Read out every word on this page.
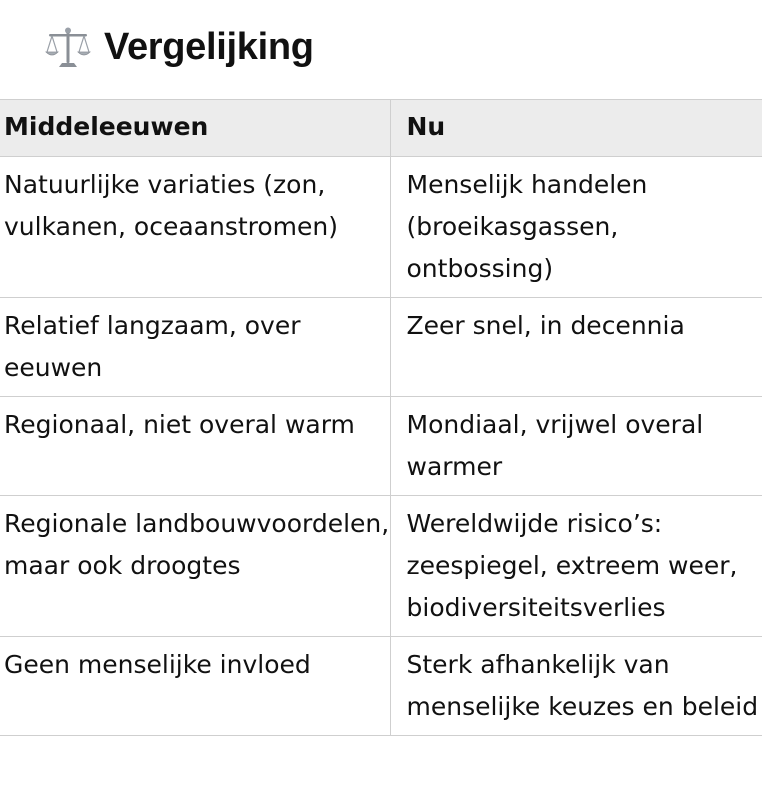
Vergelijking
Middeleeuwen	Nu
Natuurlijke variaties (zon, vulkanen, oceaanstromen)	Menselijk handelen (broeikasgassen, ontbossing)
Relatief langzaam, over eeuwen	Zeer snel, in decennia
Regionaal, niet overal warm	Mondiaal, vrijwel overal warmer
Regionale landbouwvoordelen, maar ook droogtes	Wereldwijde risico’s: zeespiegel, extreem weer, biodiversiteitsverlies
Geen menselijke invloed	Sterk afhankelijk van menselijke keuzes en beleid
